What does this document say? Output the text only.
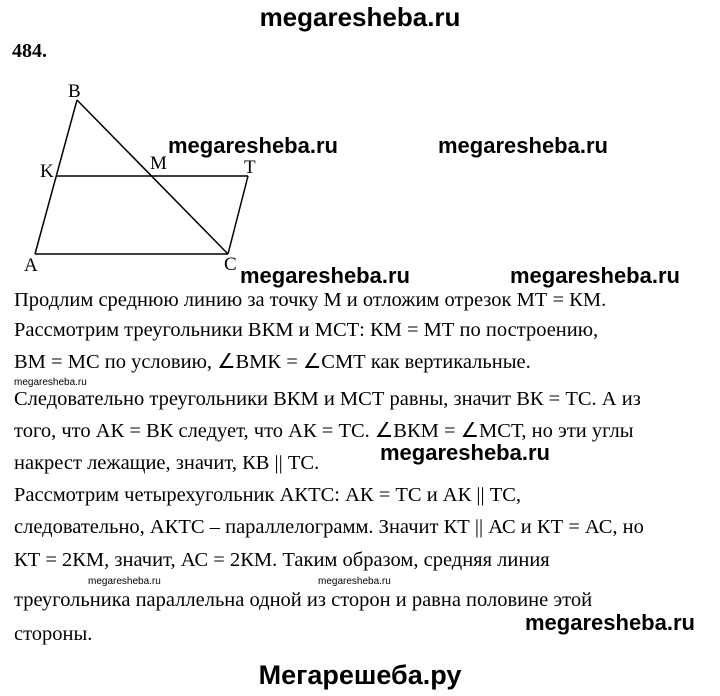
megaresheba.ru
484.
B
K	M	T
A	C
megaresheba.ru	megaresheba.ru
megaresheba.ru	megaresheba.ru
Продлим среднюю линию за точку М и отложим отрезок МТ = КМ.
Рассмотрим треугольники ВКМ и МСТ: КМ = МТ по построению,
ВМ = МС по условию, ∠ВМК = ∠СМТ как вертикальные.
megaresheba.ru
Следовательно треугольники ВКМ и МСТ равны, значит ВК = ТС. А из
того, что АК = ВК следует, что АК = ТС. ∠ВКМ = ∠МСТ, но эти углы
накрест лежащие, значит, КВ || ТС.	megaresheba.ru
Рассмотрим четырехугольник АКТС: АК = ТС и АК || ТС,
следовательно, АКТС – параллелограмм. Значит КТ || АС и КТ = АС, но
КТ = 2КМ, значит, АС = 2КМ. Таким образом, средняя линия
megaresheba.ru	megaresheba.ru
треугольника параллельна одной из сторон и равна половине этой
стороны.	megaresheba.ru
Мегарешеба.ру
